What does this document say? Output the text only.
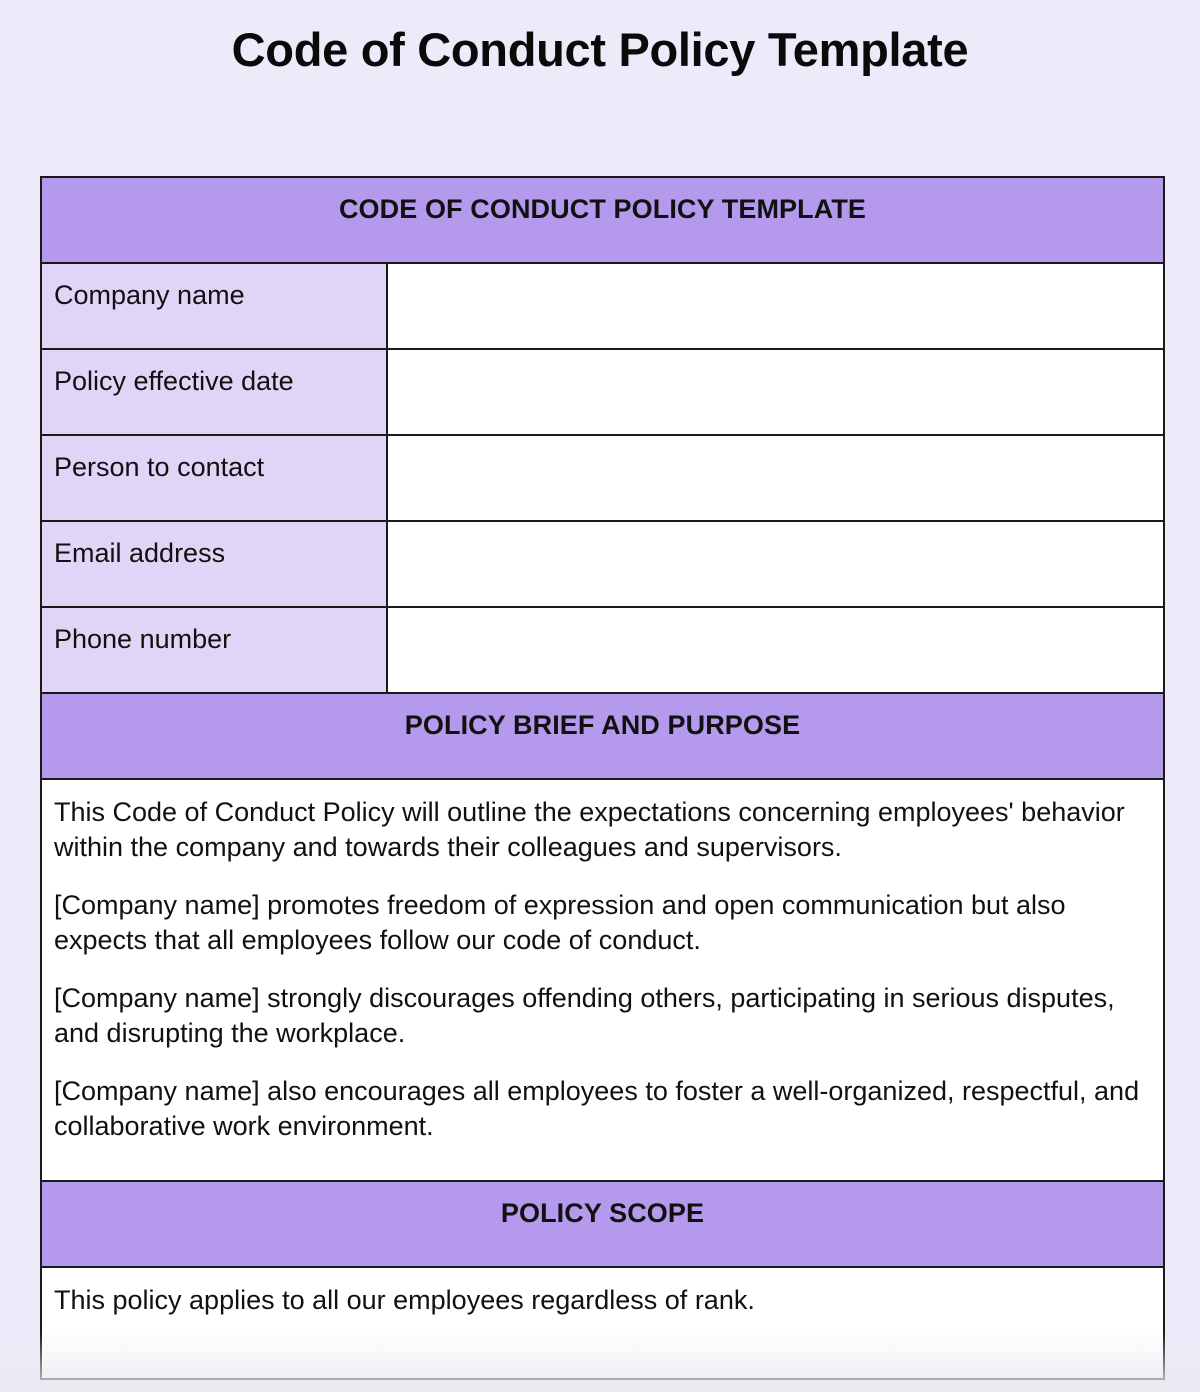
Code of Conduct Policy Template
CODE OF CONDUCT POLICY TEMPLATE	
Company name	
Policy effective date	
Person to contact	
Email address	
Phone number	
POLICY BRIEF AND PURPOSE	

This Code of Conduct Policy will outline the expectations concerning employees' behavior within the company and towards their colleagues and supervisors.

[Company name] promotes freedom of expression and open communication but also expects that all employees follow our code of conduct.

[Company name] strongly discourages offending others, participating in serious disputes, and disrupting the workplace.

[Company name] also encourages all employees to foster a well-organized, respectful, and collaborative work environment.	

POLICY SCOPE	

This policy applies to all our employees regardless of rank.	
